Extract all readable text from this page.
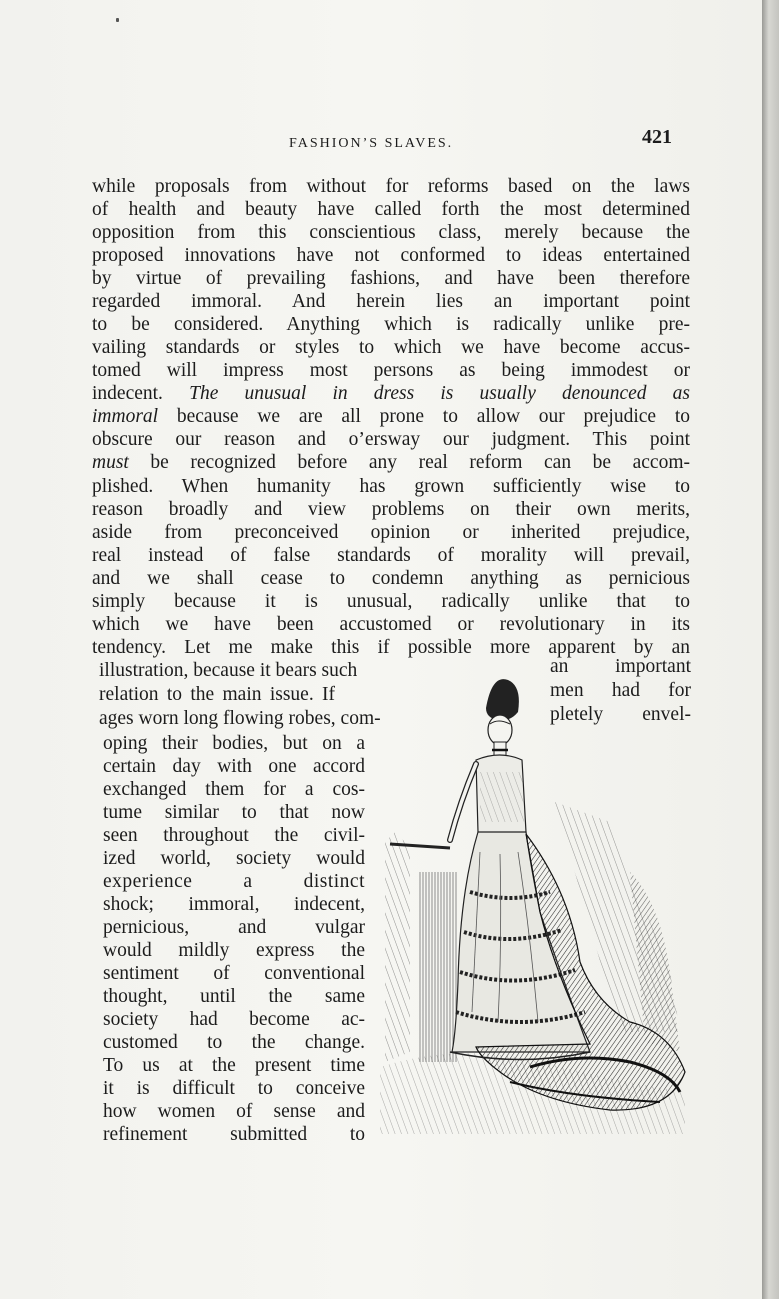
FASHION’S SLAVES.	421
while proposals from without for reforms based on the laws
of health and beauty have called forth the most determined
opposition from this conscientious class, merely because the
proposed innovations have not conformed to ideas entertained
by virtue of prevailing fashions, and have been therefore
regarded immoral. And herein lies an important point
to be considered. Anything which is radically unlike pre-
vailing standards or styles to which we have become accus-
tomed will impress most persons as being immodest or
indecent. The unusual in dress is usually denounced as
immoral because we are all prone to allow our prejudice to
obscure our reason and o’ersway our judgment. This point
must be recognized before any real reform can be accom-
plished. When humanity has grown sufficiently wise to
reason broadly and view problems on their own merits,
aside from preconceived opinion or inherited prejudice,
real instead of false standards of morality will prevail,
and we shall cease to condemn anything as pernicious
simply because it is unusual, radically unlike that to
which we have been accustomed or revolutionary in its
tendency. Let me make this if possible more apparent by an
illustration, because it bears such	an important
relation to the main issue. If	men had for
ages worn long flowing robes, com-	pletely envel-
oping their bodies, but on a
certain day with one accord
exchanged them for a cos-
tume similar to that now
seen throughout the civil-
ized world, society would
experience a distinct
shock; immoral, indecent,
pernicious, and vulgar
would mildly express the
sentiment of conventional
thought, until the same
society had become ac-
customed to the change.
To us at the present time
it is difficult to conceive
how women of sense and
refinement submitted to
